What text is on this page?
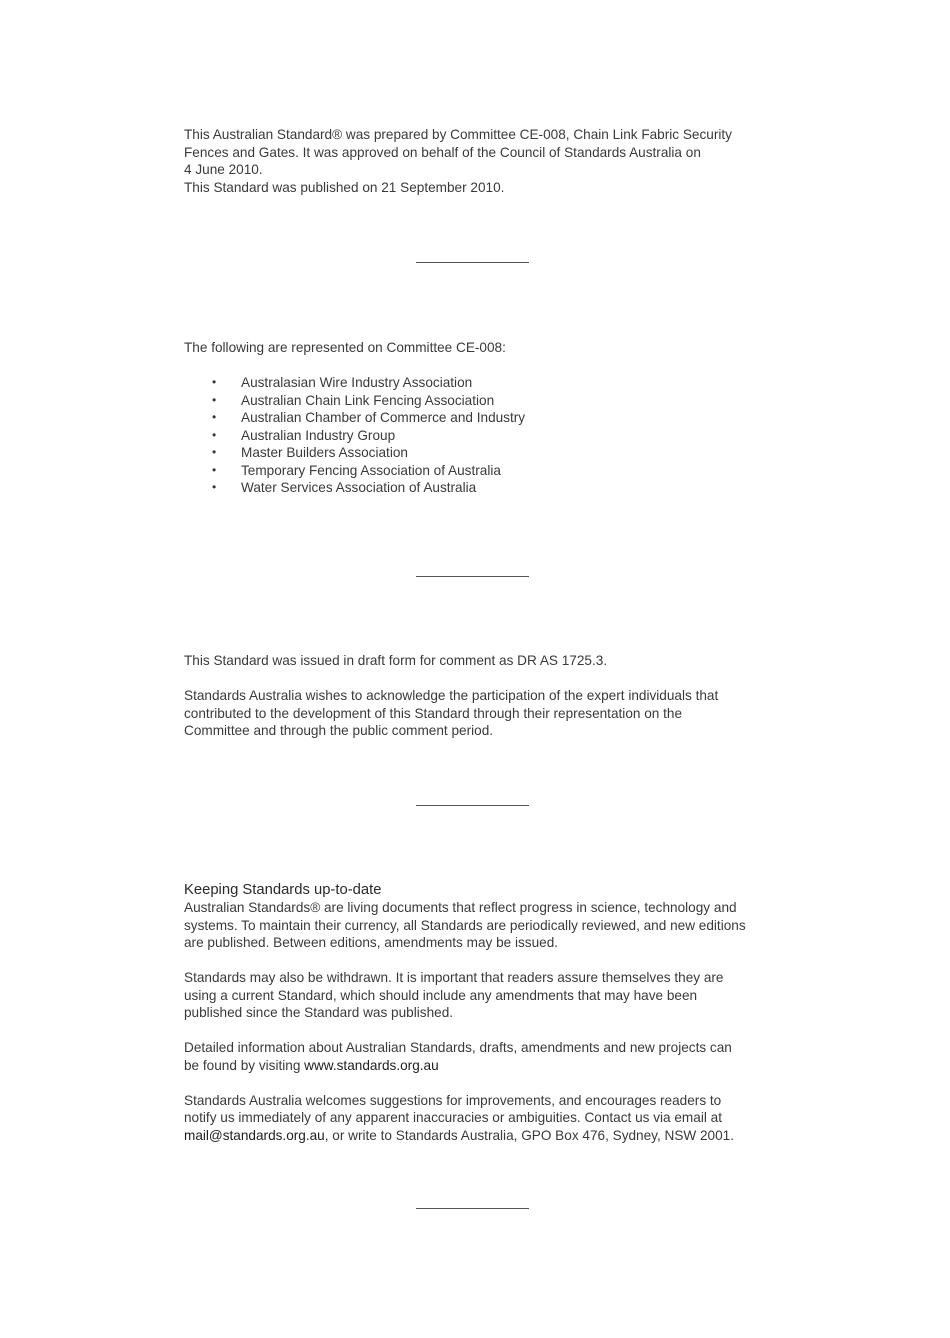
This Australian Standard® was prepared by Committee CE-008, Chain Link Fabric Security

Fences and Gates. It was approved on behalf of the Council of Standards Australia on

4 June 2010.

This Standard was published on 21 September 2010.

The following are represented on Committee CE-008:

• Australasian Wire Industry Association
• Australian Chain Link Fencing Association
• Australian Chamber of Commerce and Industry
• Australian Industry Group
• Master Builders Association
• Temporary Fencing Association of Australia
• Water Services Association of Australia

This Standard was issued in draft form for comment as DR AS 1725.3.

Standards Australia wishes to acknowledge the participation of the expert individuals that

contributed to the development of this Standard through their representation on the

Committee and through the public comment period.

Keeping Standards up-to-date

Australian Standards® are living documents that reflect progress in science, technology and

systems. To maintain their currency, all Standards are periodically reviewed, and new editions

are published. Between editions, amendments may be issued.

Standards may also be withdrawn. It is important that readers assure themselves they are

using a current Standard, which should include any amendments that may have been

published since the Standard was published.

Detailed information about Australian Standards, drafts, amendments and new projects can

be found by visiting www.standards.org.au

Standards Australia welcomes suggestions for improvements, and encourages readers to

notify us immediately of any apparent inaccuracies or ambiguities. Contact us via email at

mail@standards.org.au, or write to Standards Australia, GPO Box 476, Sydney, NSW 2001.
